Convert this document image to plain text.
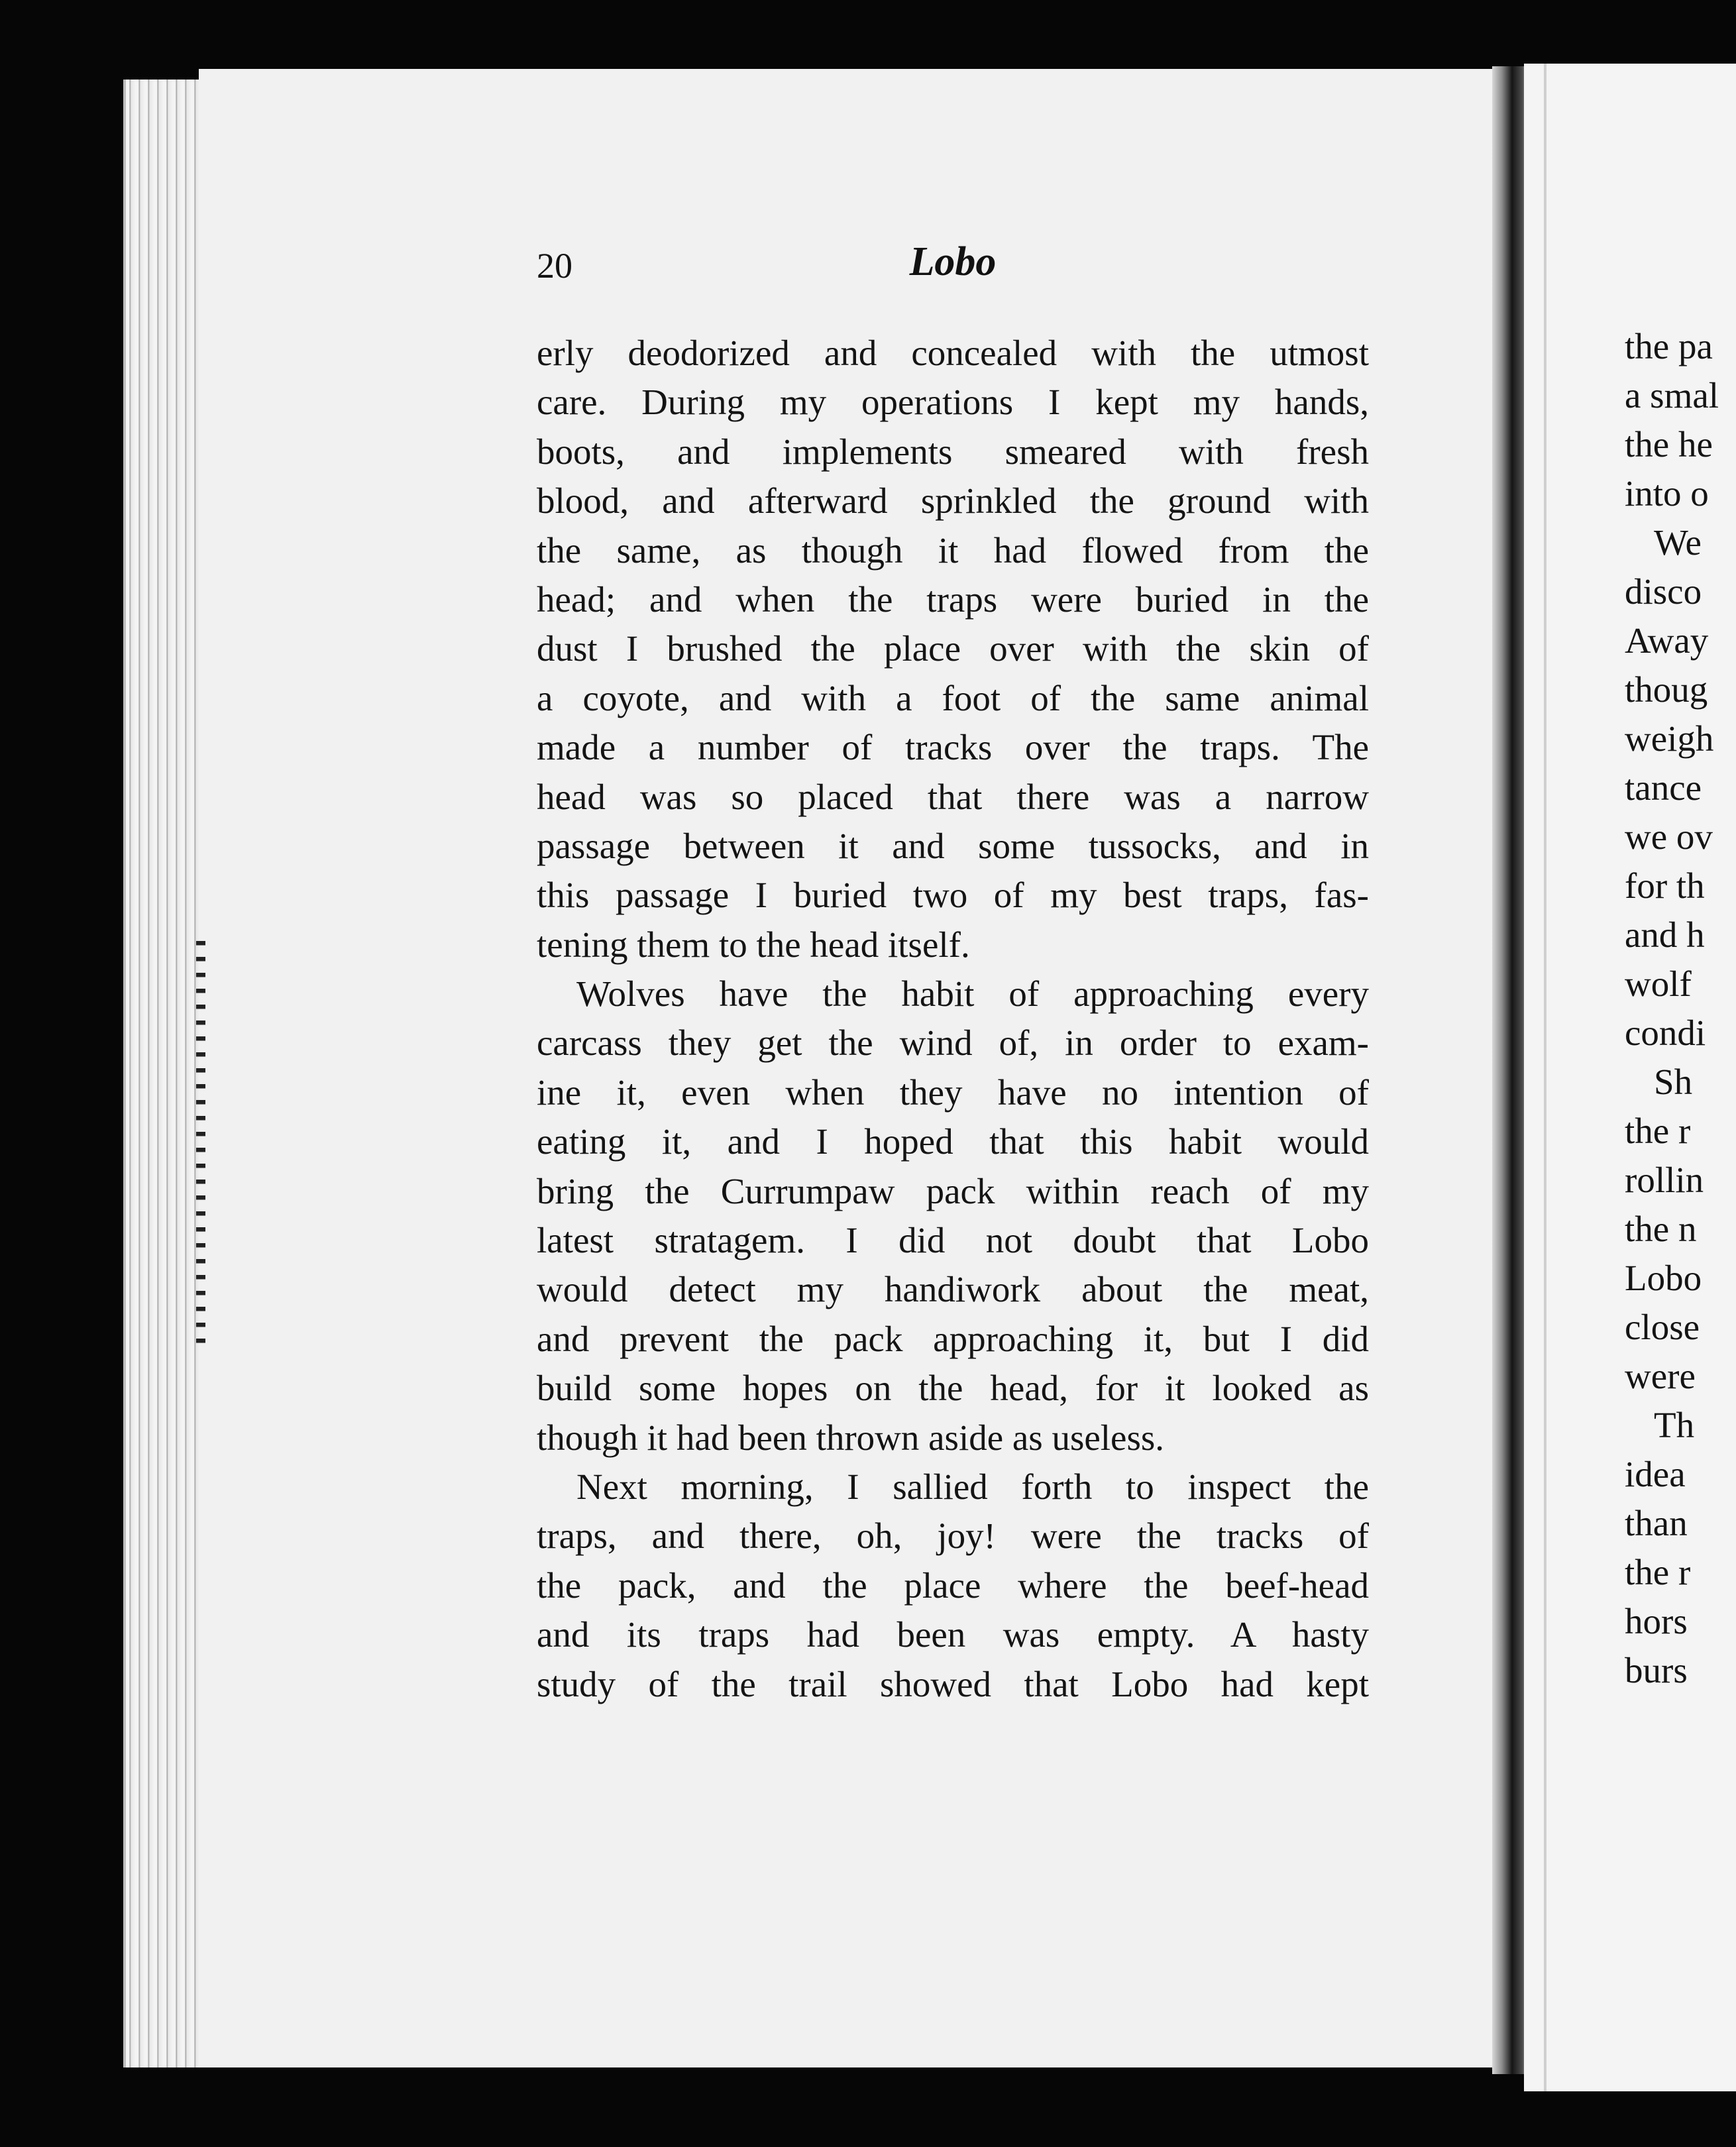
20	Lobo
erly deodorized and concealed with the utmost
care. During my operations I kept my hands,
boots, and implements smeared with fresh
blood, and afterward sprinkled the ground with
the same, as though it had flowed from the
head; and when the traps were buried in the
dust I brushed the place over with the skin of
a coyote, and with a foot of the same animal
made a number of tracks over the traps. The
head was so placed that there was a narrow
passage between it and some tussocks, and in
this passage I buried two of my best traps, fas-
tening them to the head itself.
Wolves have the habit of approaching every
carcass they get the wind of, in order to exam-
ine it, even when they have no intention of
eating it, and I hoped that this habit would
bring the Currumpaw pack within reach of my
latest stratagem. I did not doubt that Lobo
would detect my handiwork about the meat,
and prevent the pack approaching it, but I did
build some hopes on the head, for it looked as
though it had been thrown aside as useless.
Next morning, I sallied forth to inspect the
traps, and there, oh, joy! were the tracks of
the pack, and the place where the beef-head
and its traps had been was empty. A hasty
study of the trail showed that Lobo had kept
the pa
a smal
the he
into o
We
disco
Away
thoug
weigh
tance
we ov
for th
and h
wolf
condi
Sh
the r
rollin
the n
Lobo
close
were
Th
idea
than
the r
hors
burs
